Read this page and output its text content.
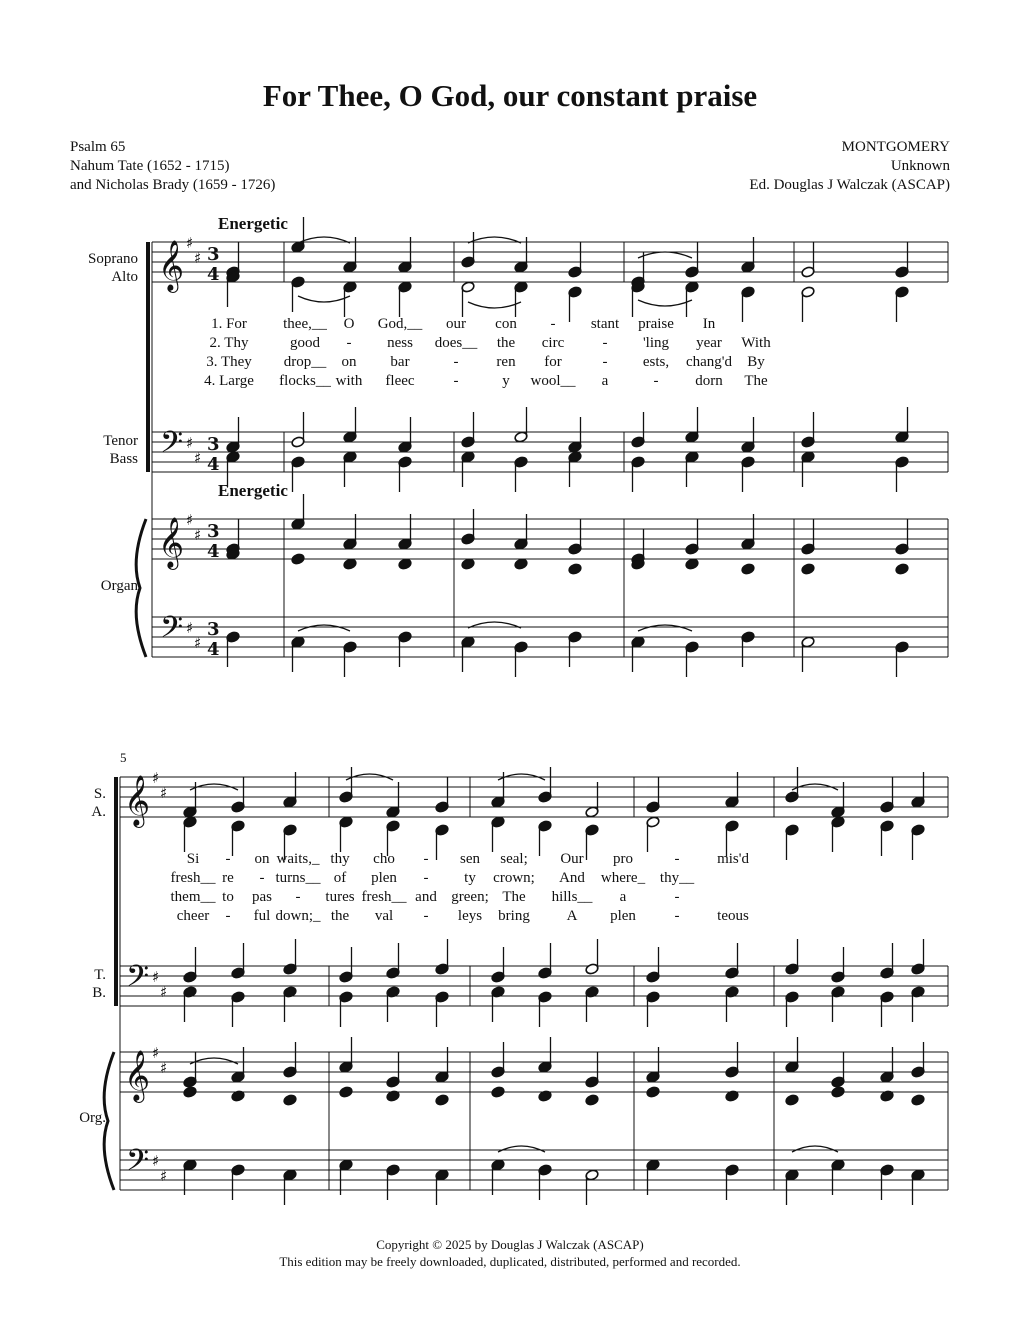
For Thee, O God, our constant praise
Psalm 65
Nahum Tate (1652 - 1715)
and Nicholas Brady (1659 - 1726)
MONTGOMERY
Unknown
Ed. Douglas J Walczak (ASCAP)
Energetic
Energetic
Soprano
Alto
Tenor
Bass
Organ
S.
A.
T.
B.
Org.
5
𝄞 ♯
♯ 3
4
𝄢 ♯
♯
3
4
𝄞 ♯
♯ 3
4
𝄢 ♯
♯
3
4
𝄞 ♯
♯
𝄢 ♯
♯
𝄞 ♯
♯
𝄢 ♯
♯
1. For thee,__ O God,__ our con - stant praise In
2. Thy	good - ness does__ the circ	- 'ling year With
3. They drop__ on bar	-	ren for	- ests, chang'd By
4. Large flocks__ with fleec	-	y wool__ a	- dorn The
Si - on waits,_ thy cho - sen seal; Our pro	-	mis'd
fresh__ re - turns__ of plen - ty crown; And where_ thy__
them__ to pas - tures fresh__ and green; The hills__ a	-
cheer - ful down;_ the val - leys bring A plen	-	teous
Copyright © 2025 by Douglas J Walczak (ASCAP)
This edition may be freely downloaded, duplicated, distributed, performed and recorded.
